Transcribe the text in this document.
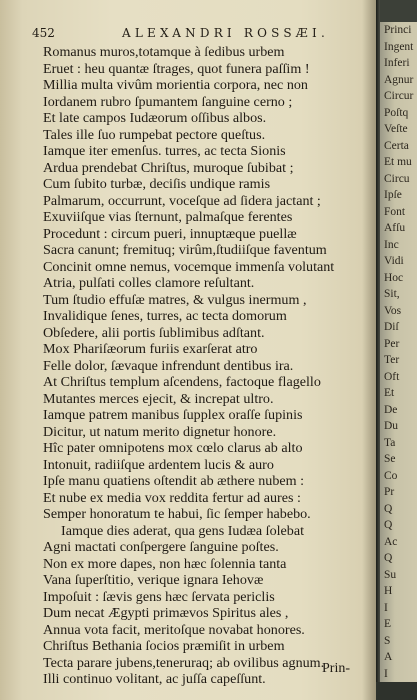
452	ALEXANDRI ROSSÆI.
Romanus muros,totamque à ſedibus urbem
Eruet : heu quantæ ſtrages, quot funera paſſim !
Millia multa vivûm morientia corpora, nec non
Iordanem rubro ſpumantem ſanguine cerno ;
Et late campos Iudæorum oſſibus albos.
Tales ille ſuo rumpebat pectore queſtus.
Iamque iter emenſus. turres, ac tecta Sionis
Ardua prendebat Chriſtus, muroque ſubibat ;
Cum ſubito turbæ, deciſis undique ramis
Palmarum, occurrunt, voceſque ad ſidera jactant ;
Exuviiſque vias ſternunt, palmaſque ferentes
Procedunt : circum pueri, innuptæque puellæ
Sacra canunt; fremituq; virûm,ſtudiiſque faventum
Concinit omne nemus, vocemque immenſa volutant
Atria, pulſati colles clamore reſultant.
Tum ſtudio effuſæ matres, & vulgus inermum ,
Invalidique ſenes, turres, ac tecta domorum
Obſedere, alii portis ſublimibus adſtant.
Mox Phariſæorum furiis exarſerat atro
Felle dolor, ſævaque infrendunt dentibus ira.
At Chriſtus templum aſcendens, factoque flagello
Mutantes merces ejecit, & increpat ultro.
Iamque patrem manibus ſupplex oraſſe ſupinis
Dicitur, ut natum merito dignetur honore.
Hîc pater omnipotens mox cœlo clarus ab alto
Intonuit, radiiſque ardentem lucis & auro
Ipſe manu quatiens oſtendit ab æthere nubem :
Et nube ex media vox reddita fertur ad aures :
Semper honoratum te habui, ſic ſemper habebo.
Iamque dies aderat, qua gens Iudæa ſolebat
Agni mactati conſpergere ſanguine poſtes.
Non ex more dapes, non hæc ſolennia tanta
Vana ſuperſtitio, verique ignara Iehovæ
Impoſuit : ſævis gens hæc ſervata periclis
Dum necat Ægypti primævos Spiritus ales ,
Annua vota facit, meritoſque novabat honores.
Chriſtus Bethania ſocios præmiſit in urbem
Tecta parare jubens,teneruraq; ab ovilibus agnum.
Illi continuo volitant, ac juſſa capeſſunt.
Prin-
Princi
Ingent
Inferi
Agnur
Circur
Poſtq
Veſte
Certa
Et mu
Circu
Ipſe
Font
Afſu
Inc
Vidi
Hoc
Sit,
Vos
Diſ
Per
Ter
Oft
Et
De
Du
Ta
Se
Co
Pr
Q
Q
Ac
Q
Su
H
I
E
S
A
I
